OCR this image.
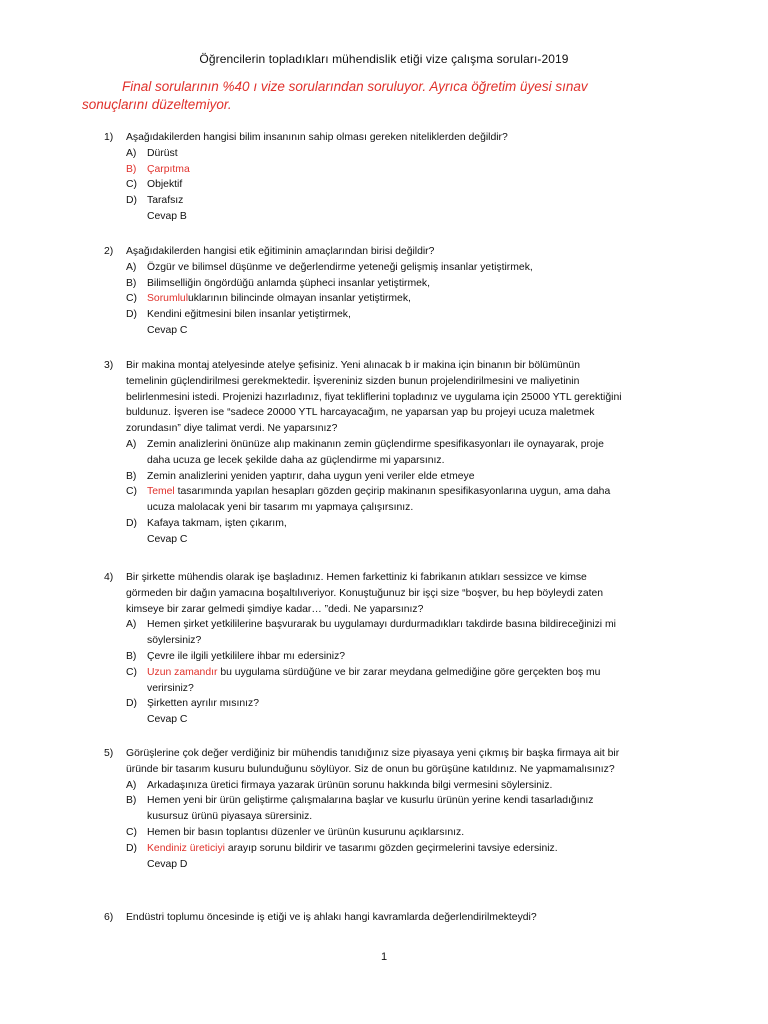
Öğrencilerin topladıkları mühendislik etiği vize çalışma soruları-2019
Final sorularının %40 ı vize sorularından soruluyor. Ayrıca öğretim üyesi sınav
sonuçlarını düzeltemiyor.
1) Aşağıdakilerden hangisi bilim insanının sahip olması gereken niteliklerden değildir?
A)	Dürüst
B)	Çarpıtma
C) Objektif
D) Tarafsız
Cevap B
2) Aşağıdakilerden hangisi etik eğitiminin amaçlarından birisi değildir?
A)	Özgür ve bilimsel düşünme ve değerlendirme yeteneği gelişmiş insanlar yetiştirmek,
B)	Bilimselliğin öngördüğü anlamda şüpheci insanlar yetiştirmek,
C) Sorumluluklarının bilincinde olmayan insanlar yetiştirmek,
D) Kendini eğitmesini bilen insanlar yetiştirmek,
Cevap C
3) Bir makina montaj atelyesinde atelye şefisiniz. Yeni alınacak b ir makina için binanın bir bölümünün temelinin güçlendirilmesi gerekmektedir. İşvereniniz sizden bunun projelendirilmesini ve maliyetinin belirlenmesini istedi. Projenizi hazırladınız, fiyat tekliflerini topladınız ve uygulama için 25000 YTL gerektiğini buldunuz. İşveren ise “sadece 20000 YTL harcayacağım, ne yaparsan yap bu projeyi ucuza maletmek zorundasın” diye talimat verdi. Ne yaparsınız?
A)	Zemin analizlerini önünüze alıp makinanın zemin güçlendirme spesifikasyonları ile oynayarak, proje daha ucuza ge lecek şekilde daha az güçlendirme mi yaparsınız.
B)	Zemin analizlerini yeniden yaptırır, daha uygun yeni veriler elde etmeye
C) Temel tasarımında yapılan hesapları gözden geçirip makinanın spesifikasyonlarına uygun, ama daha ucuza malolacak yeni bir tasarım mı yapmaya çalışırsınız.
D) Kafaya takmam, işten çıkarım,
Cevap C
4) Bir şirkette mühendis olarak işe başladınız. Hemen farkettiniz ki fabrikanın atıkları sessizce ve kimse görmeden bir dağın yamacına boşaltılıveriyor. Konuştuğunuz bir işçi size “boşver, bu hep böyleydi zaten kimseye bir zarar gelmedi şimdiye kadar… ”dedi. Ne yaparsınız?
A)	Hemen şirket yetkililerine başvurarak bu uygulamayı durdurmadıkları takdirde basına bildireceğinizi mi söylersiniz?
B)	Çevre ile ilgili yetkililere ihbar mı edersiniz?
C) Uzun zamandır bu uygulama sürdüğüne ve bir zarar meydana gelmediğine göre gerçekten boş mu verirsiniz?
D) Şirketten ayrılır mısınız?
Cevap C
5) Görüşlerine çok değer verdiğiniz bir mühendis tanıdığınız size piyasaya yeni çıkmış bir başka firmaya ait bir üründe bir tasarım kusuru bulunduğunu söylüyor. Siz de onun bu görüşüne katıldınız. Ne yapmamalısınız?
A)	Arkadaşınıza üretici firmaya yazarak ürünün sorunu hakkında bilgi vermesini söylersiniz.
B)	Hemen yeni bir ürün geliştirme çalışmalarına başlar ve kusurlu ürünün yerine kendi tasarladığınız kusursuz ürünü piyasaya sürersiniz.
C) Hemen bir basın toplantısı düzenler ve ürünün kusurunu açıklarsınız.
D) Kendiniz üreticiyi arayıp sorunu bildirir ve tasarımı gözden geçirmelerini tavsiye edersiniz.
Cevap D
6) Endüstri toplumu öncesinde iş etiği ve iş ahlakı hangi kavramlarda değerlendirilmekteydi?
1
